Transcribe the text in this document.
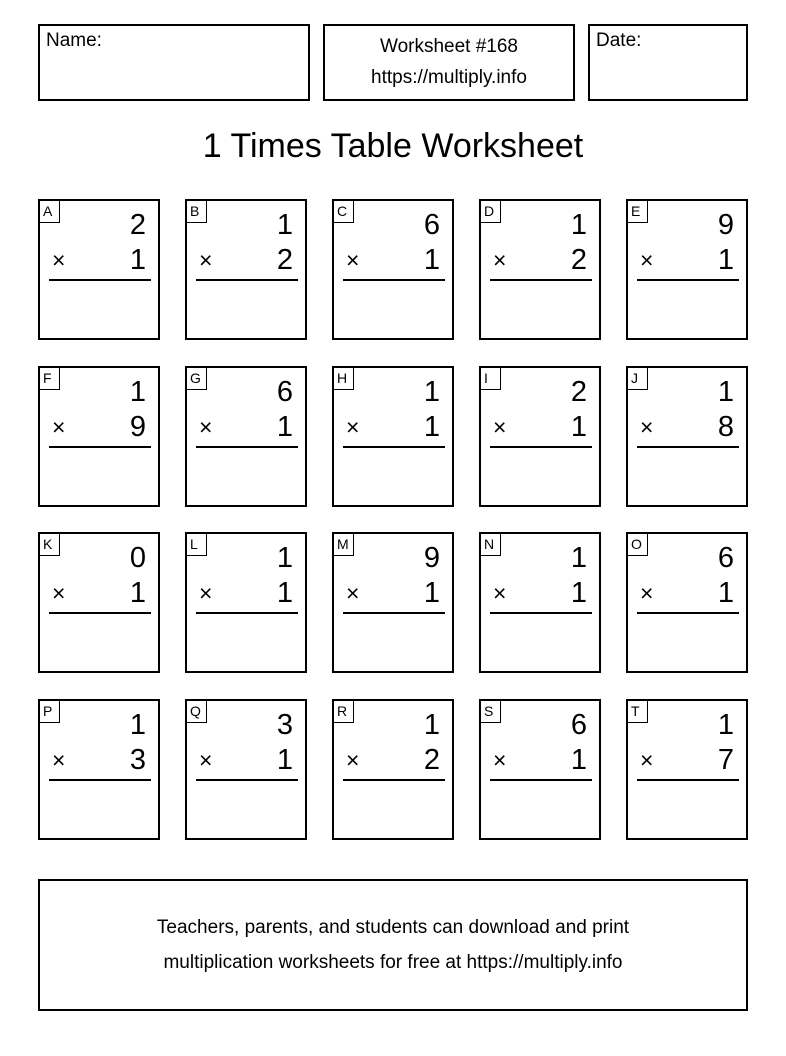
Name:	Worksheet #168
https://multiply.info
Date:
1 Times Table Worksheet
A	2
× 1
B	1
× 2
C	6
× 1
D	1
× 2
E	9
× 1
F	1
× 9
G	6
× 1
H	1
× 1
I	2
× 1
J	1
× 8
K	0
× 1
L	1
× 1
M	9
× 1
N	1
× 1
O	6
× 1
P	1
× 3
Q	3
× 1
R	1
× 2
S	6
× 1
T	1
× 7
Teachers, parents, and students can download and print
multiplication worksheets for free at https://multiply.info
